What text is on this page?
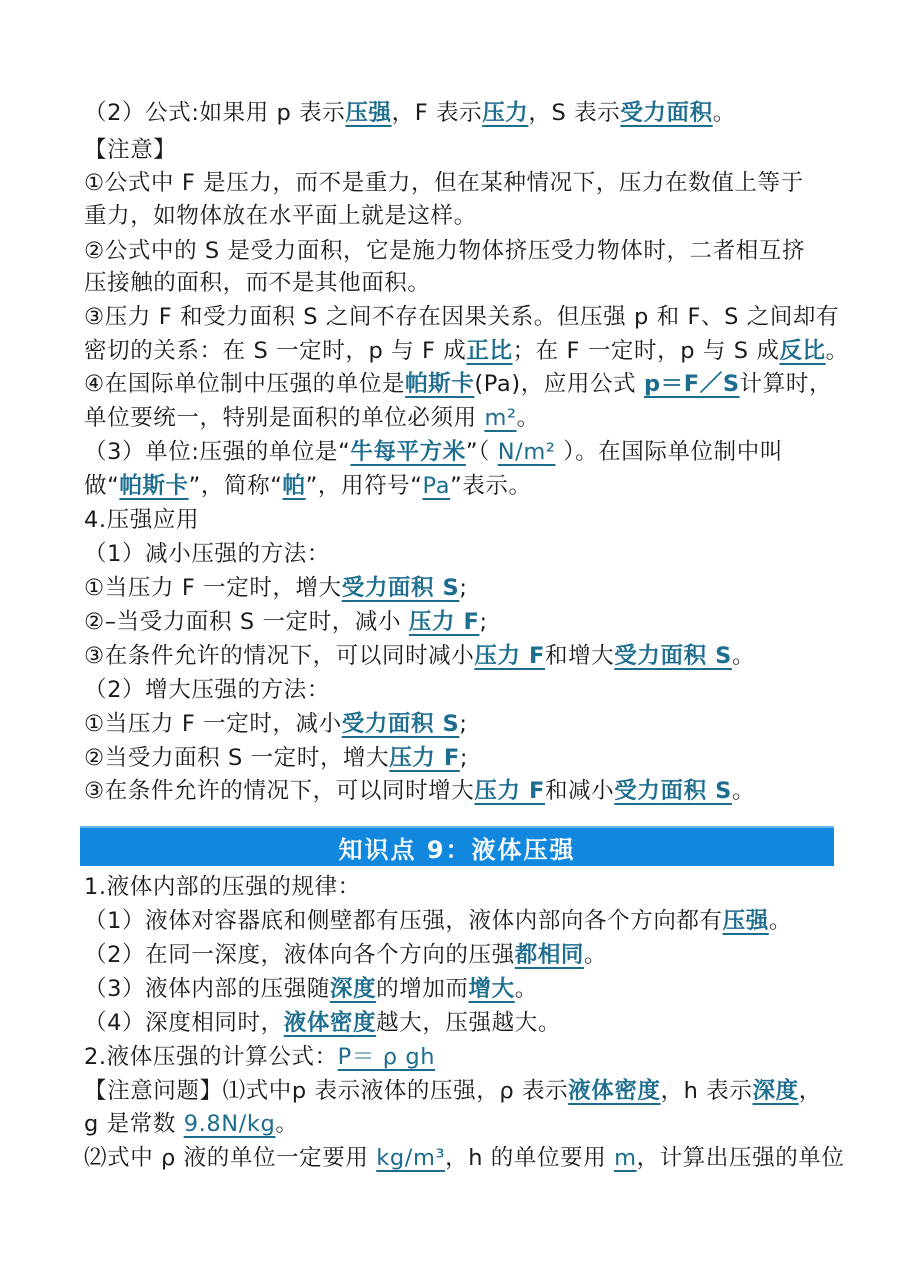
（2）公式:如果用 p 表示压强，F 表示压力，S 表示受力面积。
【注意】
①公式中 F 是压力，而不是重力，但在某种情况下，压力在数值上等于
重力，如物体放在水平面上就是这样。
②公式中的 S 是受力面积，它是施力物体挤压受力物体时，二者相互挤
压接触的面积，而不是其他面积。
③压力 F 和受力面积 S 之间不存在因果关系。但压强 p 和 F、S 之间却有
密切的关系：在 S 一定时，p 与 F 成正比；在 F 一定时，p 与 S 成反比。
④在国际单位制中压强的单位是帕斯卡(Pa)，应用公式 p＝F／S计算时，
单位要统一，特别是面积的单位必须用 m²。
（3）单位:压强的单位是“牛每平方米”（ N/m² ）。在国际单位制中叫
做“帕斯卡”，简称“帕”，用符号“Pa”表示。
4.压强应用
（1）减小压强的方法：
①当压力 F 一定时，增大受力面积 S;
②–当受力面积 S 一定时，减小 压力 F;
③在条件允许的情况下，可以同时减小压力 F和增大受力面积 S。
（2）增大压强的方法：
①当压力 F 一定时，减小受力面积 S;
②当受力面积 S 一定时，增大压力 F;
③在条件允许的情况下，可以同时增大压力 F和减小受力面积 S。
知识点 9：液体压强
1.液体内部的压强的规律：
（1）液体对容器底和侧壁都有压强，液体内部向各个方向都有压强。
（2）在同一深度，液体向各个方向的压强都相同。
（3）液体内部的压强随深度的增加而增大。
（4）深度相同时，液体密度越大，压强越大。
2.液体压强的计算公式：P＝ ρ gh
【注意问题】⑴式中p 表示液体的压强，ρ 表示液体密度，h 表示深度，
g 是常数 9.8N/kg。
⑵式中 ρ 液的单位一定要用 kg/m³，h 的单位要用 m，计算出压强的单位
